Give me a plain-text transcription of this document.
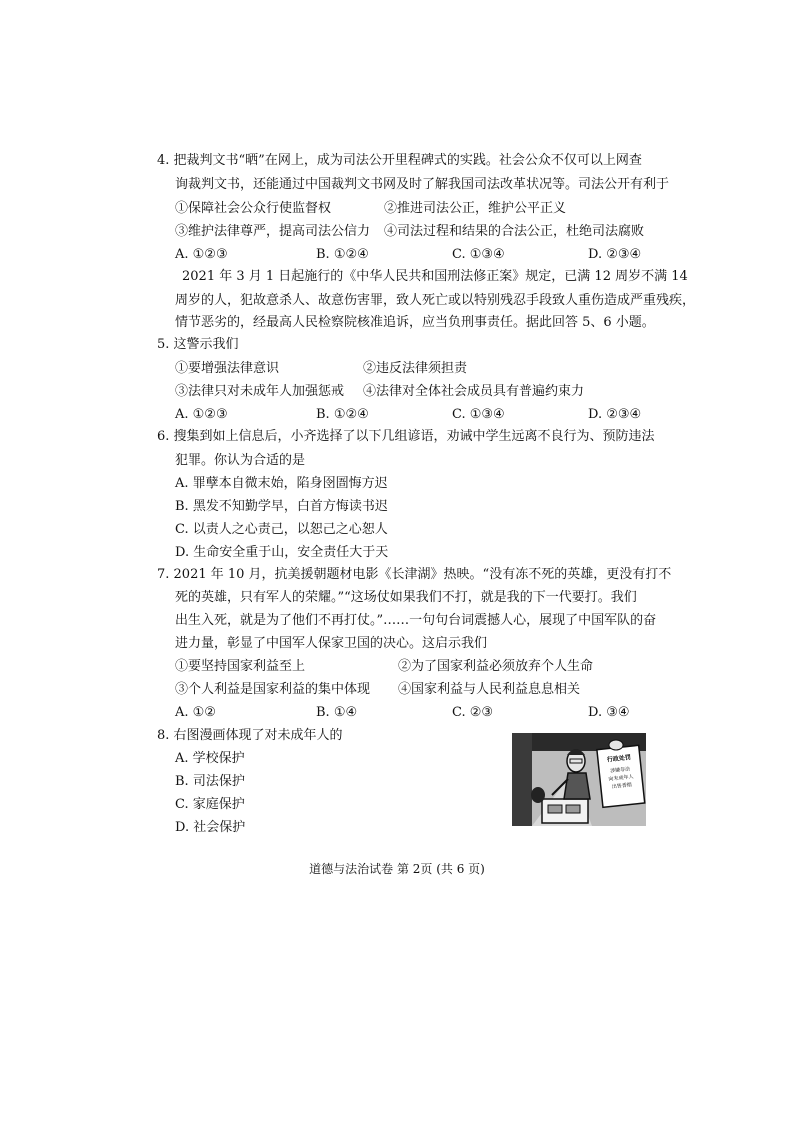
4. 把裁判文书“晒”在网上，成为司法公开里程碑式的实践。社会公众不仅可以上网查
询裁判文书，还能通过中国裁判文书网及时了解我国司法改革状况等。司法公开有利于
①保障社会公众行使监督权	②推进司法公正，维护公平正义
③维护法律尊严，提高司法公信力 ④司法过程和结果的合法公正，杜绝司法腐败
A. ①②③	B. ①②④	C. ①③④	D. ②③④
2021 年 3 月 1 日起施行的《中华人民共和国刑法修正案》规定，已满 12 周岁不满 14
周岁的人，犯故意杀人、故意伤害罪，致人死亡或以特别残忍手段致人重伤造成严重残疾，
情节恶劣的，经最高人民检察院核准追诉，应当负刑事责任。据此回答 5、6 小题。
5. 这警示我们
①要增强法律意识	②违反法律须担责
③法律只对未成年人加强惩戒 ④法律对全体社会成员具有普遍约束力
A. ①②③	B. ①②④	C. ①③④	D. ②③④
6. 搜集到如上信息后，小齐选择了以下几组谚语，劝诫中学生远离不良行为、预防违法
犯罪。你认为合适的是
A. 罪孽本自微末始，陷身囹圄悔方迟
B. 黑发不知勤学早，白首方悔读书迟
C. 以责人之心责己，以恕己之心恕人
D. 生命安全重于山，安全责任大于天
7. 2021 年 10 月，抗美援朝题材电影《长津湖》热映。“没有冻不死的英雄，更没有打不
死的英雄，只有军人的荣耀。”“这场仗如果我们不打，就是我的下一代要打。我们
出生入死，就是为了他们不再打仗。”……一句句台词震撼人心，展现了中国军队的奋
进力量，彰显了中国军人保家卫国的决心。这启示我们
①要坚持国家利益至上	②为了国家利益必须放弃个人生命
③个人利益是国家利益的集中体现 ④国家利益与人民利益息息相关
A. ①②	B. ①④	C. ②③	D. ③④
8. 右图漫画体现了对未成年人的
A. 学校保护
B. 司法保护
C. 家庭保护
D. 社会保护
行政处罚
涉嫌非法
向未成年人
出售香烟
道德与法治试卷 第 2页 (共 6 页)
